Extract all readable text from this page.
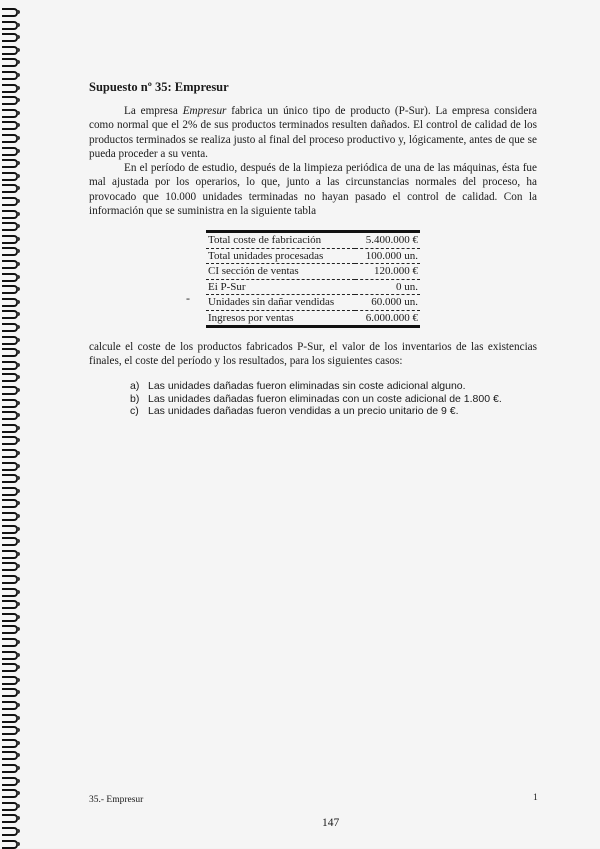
Supuesto nº 35: Empresur

La empresa Empresur fabrica un único tipo de producto (P-Sur). La empresa considera como normal que el 2% de sus productos terminados resulten dañados. El control de calidad de los productos terminados se realiza justo al final del proceso productivo y, lógicamente, antes de que se pueda proceder a su venta.

En el período de estudio, después de la limpieza periódica de una de las máquinas, ésta fue mal ajustada por los operarios, lo que, junto a las circunstancias normales del proceso, ha provocado que 10.000 unidades terminadas no hayan pasado el control de calidad. Con la información que se suministra en la siguiente tabla

Total coste de fabricación	5.400.000 €
Total unidades procesadas	100.000 un.
CI sección de ventas	120.000 €
Ei P-Sur	0 un.
Unidades sin dañar vendidas	60.000 un.
Ingresos por ventas	6.000.000 €
-

calcule el coste de los productos fabricados P-Sur, el valor de los inventarios de las existencias finales, el coste del período y los resultados, para los siguientes casos:

a) Las unidades dañadas fueron eliminadas sin coste adicional alguno.
b) Las unidades dañadas fueron eliminadas con un coste adicional de 1.800 €.
c) Las unidades dañadas fueron vendidas a un precio unitario de 9 €.
35.- Empresur	1
147
